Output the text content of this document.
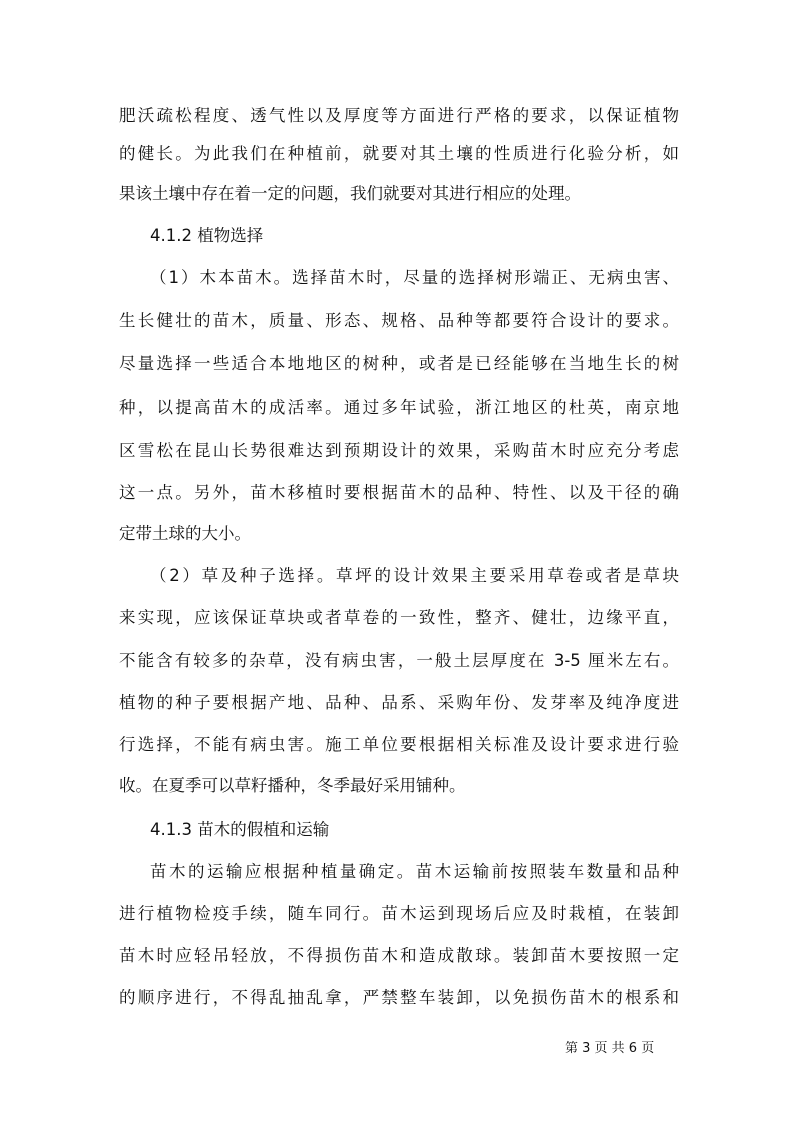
肥沃疏松程度、透气性以及厚度等方面进行严格的要求，以保证植物
的健长。为此我们在种植前，就要对其土壤的性质进行化验分析，如
果该土壤中存在着一定的问题，我们就要对其进行相应的处理。
4.1.2 植物选择
（1）木本苗木。选择苗木时，尽量的选择树形端正、无病虫害、
生长健壮的苗木，质量、形态、规格、品种等都要符合设计的要求。
尽量选择一些适合本地地区的树种，或者是已经能够在当地生长的树
种，以提高苗木的成活率。通过多年试验，浙江地区的杜英，南京地
区雪松在昆山长势很难达到预期设计的效果，采购苗木时应充分考虑
这一点。另外，苗木移植时要根据苗木的品种、特性、以及干径的确
定带土球的大小。
（2）草及种子选择。草坪的设计效果主要采用草卷或者是草块
来实现，应该保证草块或者草卷的一致性，整齐、健壮，边缘平直，
不能含有较多的杂草，没有病虫害，一般土层厚度在 3-5 厘米左右。
植物的种子要根据产地、品种、品系、采购年份、发芽率及纯净度进
行选择，不能有病虫害。施工单位要根据相关标准及设计要求进行验
收。在夏季可以草籽播种，冬季最好采用铺种。
4.1.3 苗木的假植和运输
苗木的运输应根据种植量确定。苗木运输前按照装车数量和品种
进行植物检疫手续，随车同行。苗木运到现场后应及时栽植，在装卸
苗木时应轻吊轻放，不得损伤苗木和造成散球。装卸苗木要按照一定
的顺序进行，不得乱抽乱拿，严禁整车装卸，以免损伤苗木的根系和
第 3 页 共 6 页
